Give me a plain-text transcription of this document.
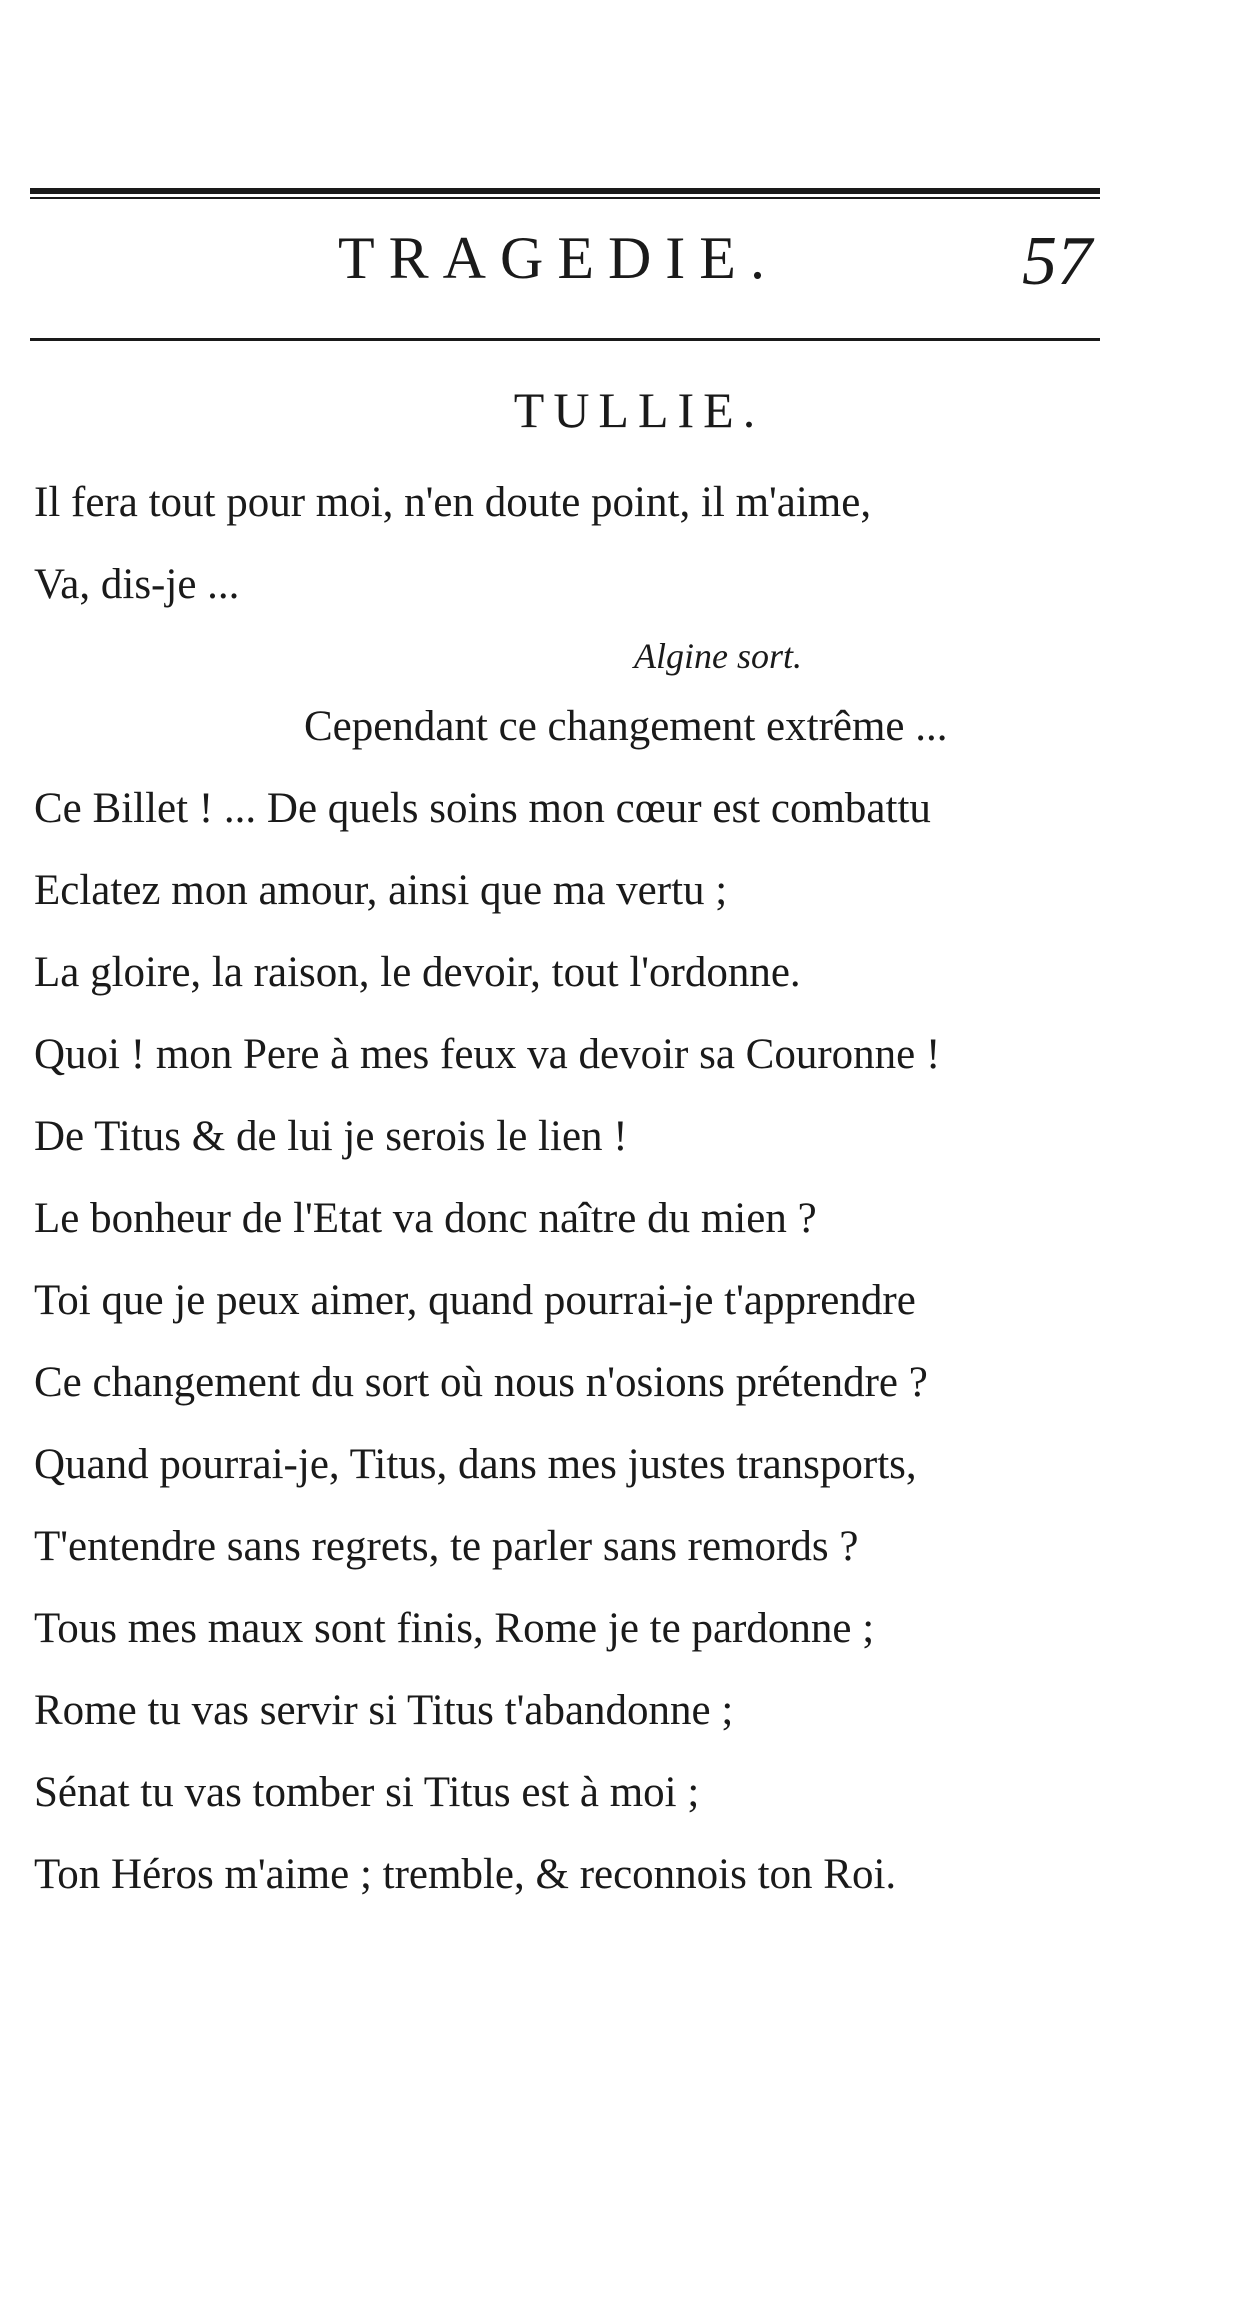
TRAGEDIE.	57
TULLIE.
Il fera tout pour moi, n'en doute point, il m'aime,
Va, dis-je ...
Algine sort.
Cependant ce changement extrême ...
Ce Billet ! ... De quels soins mon cœur est combattu
Eclatez mon amour, ainsi que ma vertu ;
La gloire, la raison, le devoir, tout l'ordonne.
Quoi ! mon Pere à mes feux va devoir sa Couronne !
De Titus & de lui je serois le lien !
Le bonheur de l'Etat va donc naître du mien ?
Toi que je peux aimer, quand pourrai-je t'apprendre
Ce changement du sort où nous n'osions prétendre ?
Quand pourrai-je, Titus, dans mes justes transports,
T'entendre sans regrets, te parler sans remords ?
Tous mes maux sont finis, Rome je te pardonne ;
Rome tu vas servir si Titus t'abandonne ;
Sénat tu vas tomber si Titus est à moi ;
Ton Héros m'aime ; tremble, & reconnois ton Roi.
